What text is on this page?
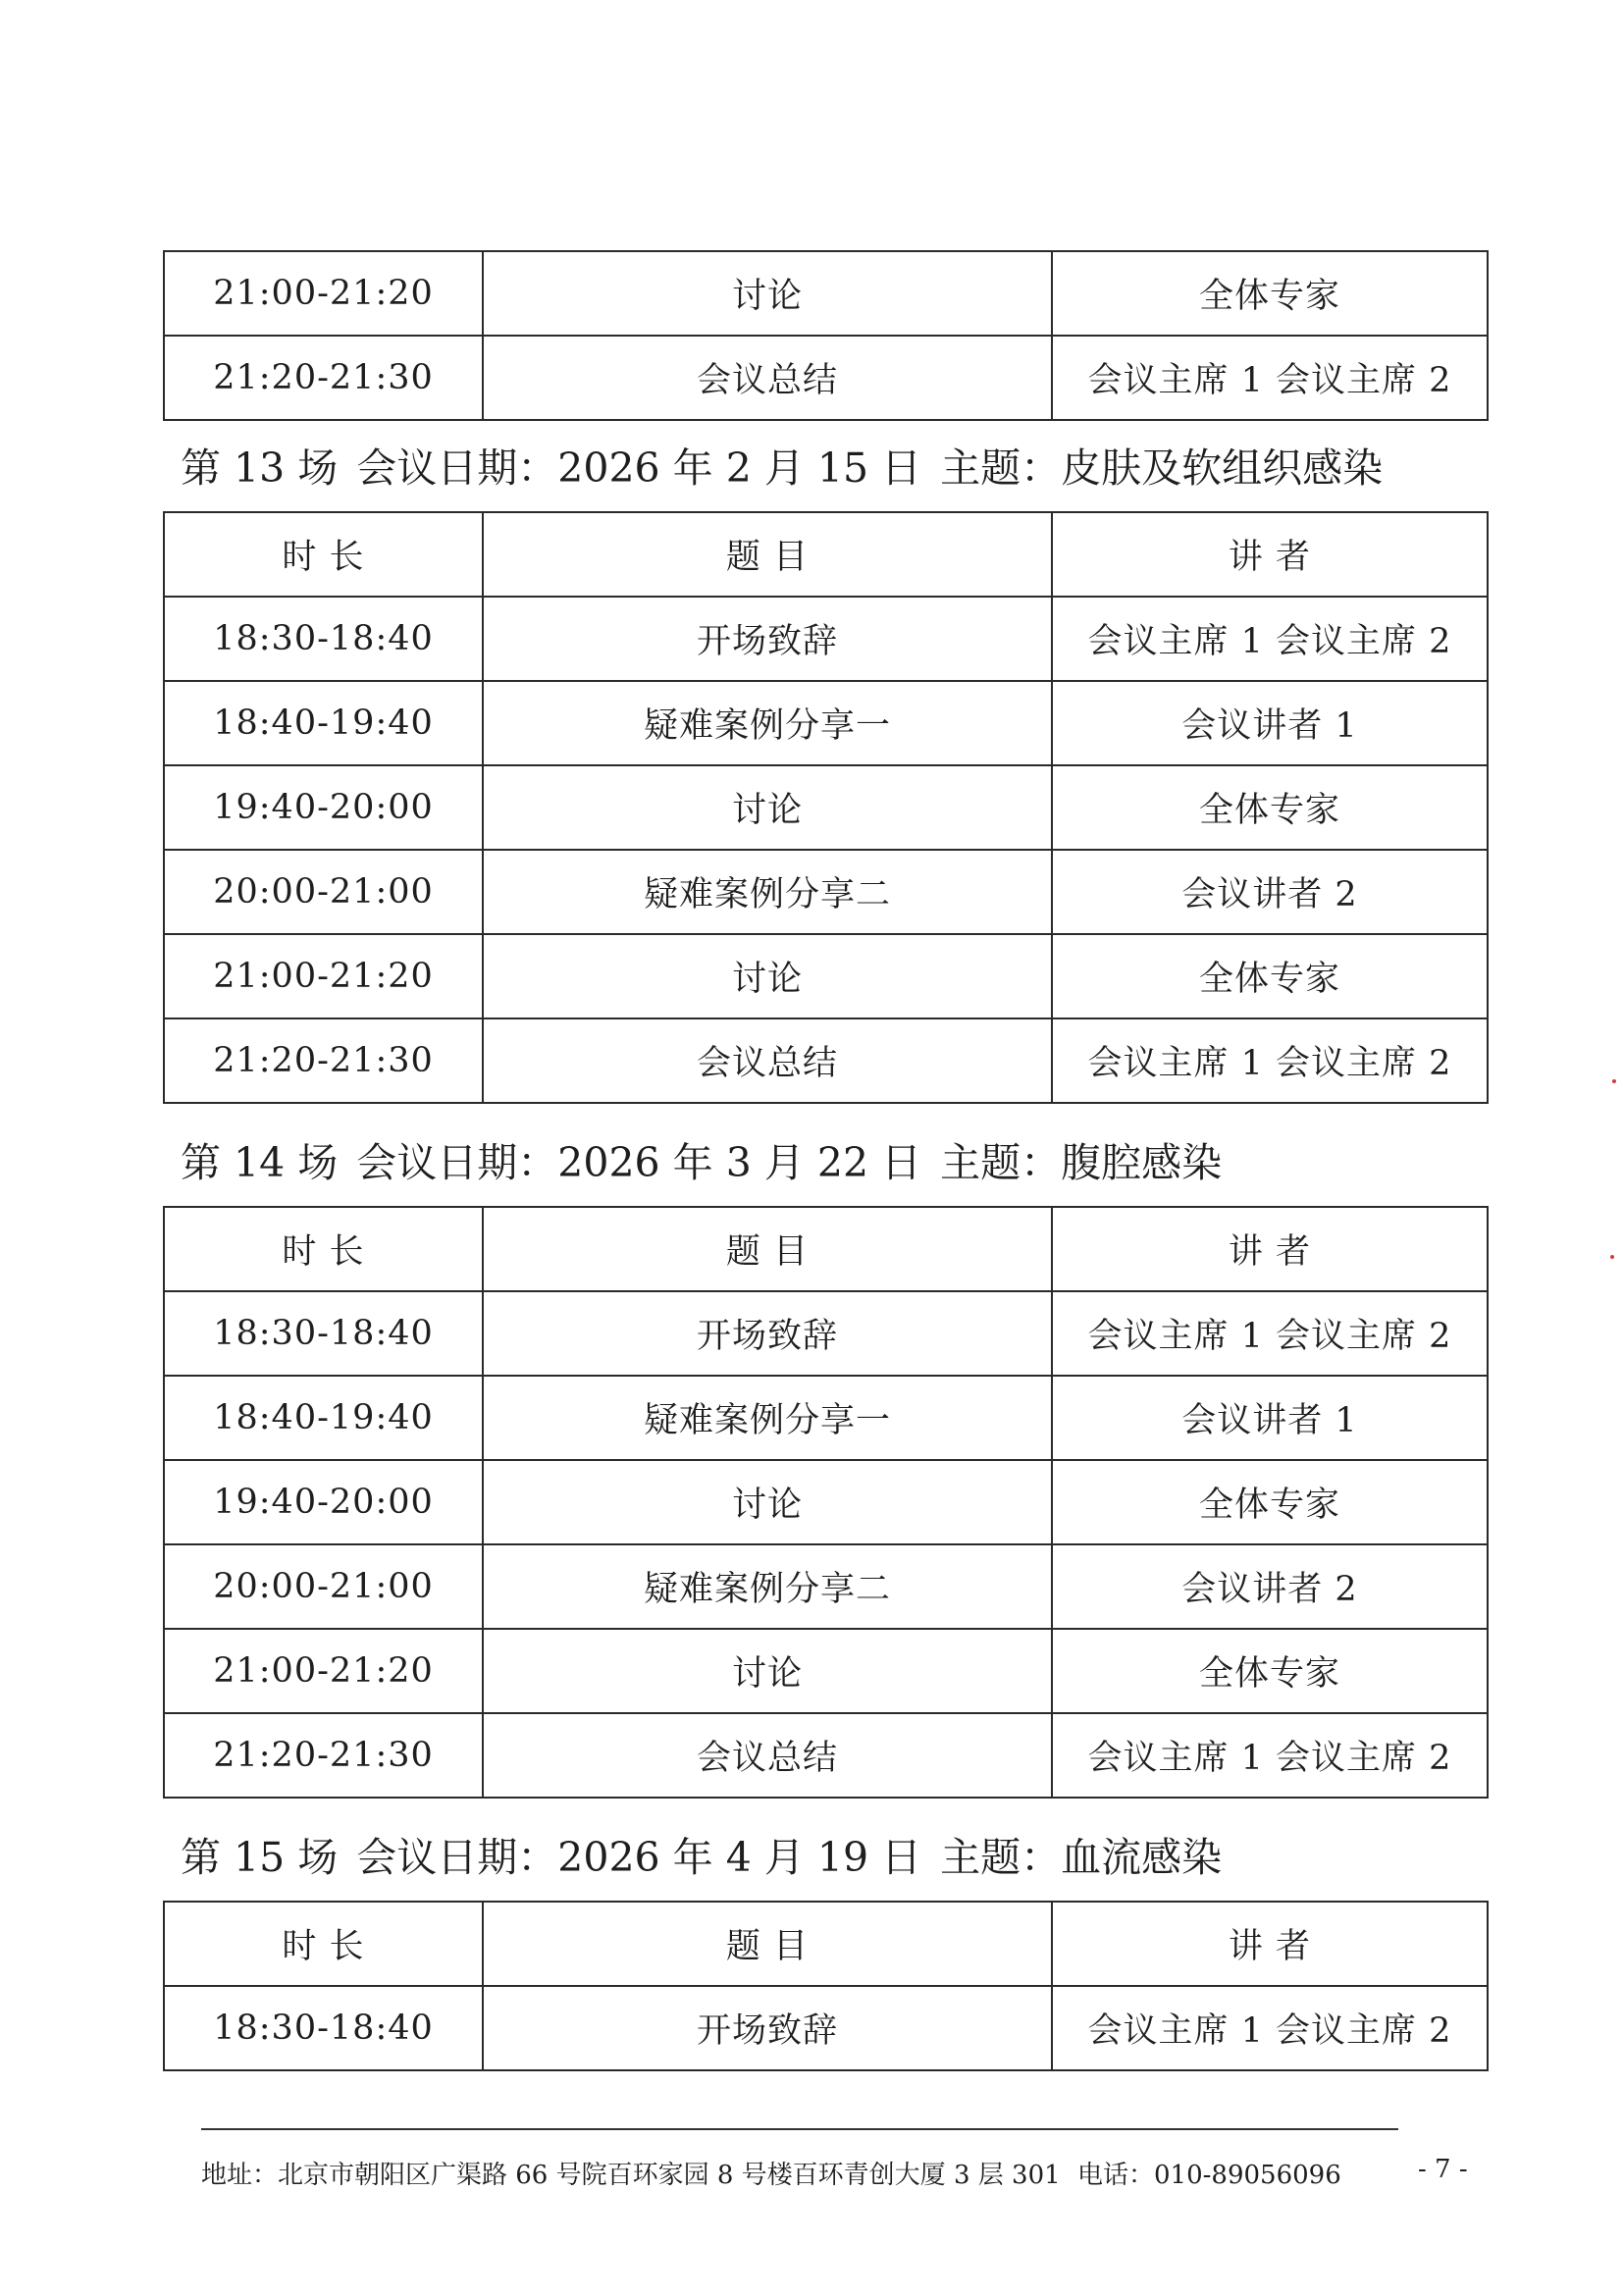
21:00-21:20	讨论	全体专家
21:20-21:30	会议总结	会议主席 1 会议主席 2
第 13 场 会议日期：2026 年 2 月 15 日 主题：皮肤及软组织感染
时 长	题 目	讲 者
18:30-18:40	开场致辞	会议主席 1 会议主席 2
18:40-19:40	疑难案例分享一	会议讲者 1
19:40-20:00	讨论	全体专家
20:00-21:00	疑难案例分享二	会议讲者 2
21:00-21:20	讨论	全体专家
21:20-21:30	会议总结	会议主席 1 会议主席 2
第 14 场 会议日期：2026 年 3 月 22 日 主题：腹腔感染
时 长	题 目	讲 者
18:30-18:40	开场致辞	会议主席 1 会议主席 2
18:40-19:40	疑难案例分享一	会议讲者 1
19:40-20:00	讨论	全体专家
20:00-21:00	疑难案例分享二	会议讲者 2
21:00-21:20	讨论	全体专家
21:20-21:30	会议总结	会议主席 1 会议主席 2
第 15 场 会议日期：2026 年 4 月 19 日 主题：血流感染
时 长	题 目	讲 者
18:30-18:40	开场致辞	会议主席 1 会议主席 2
地址：北京市朝阳区广渠路 66 号院百环家园 8 号楼百环青创大厦 3 层 301 电话：010-89056096	- 7 -
